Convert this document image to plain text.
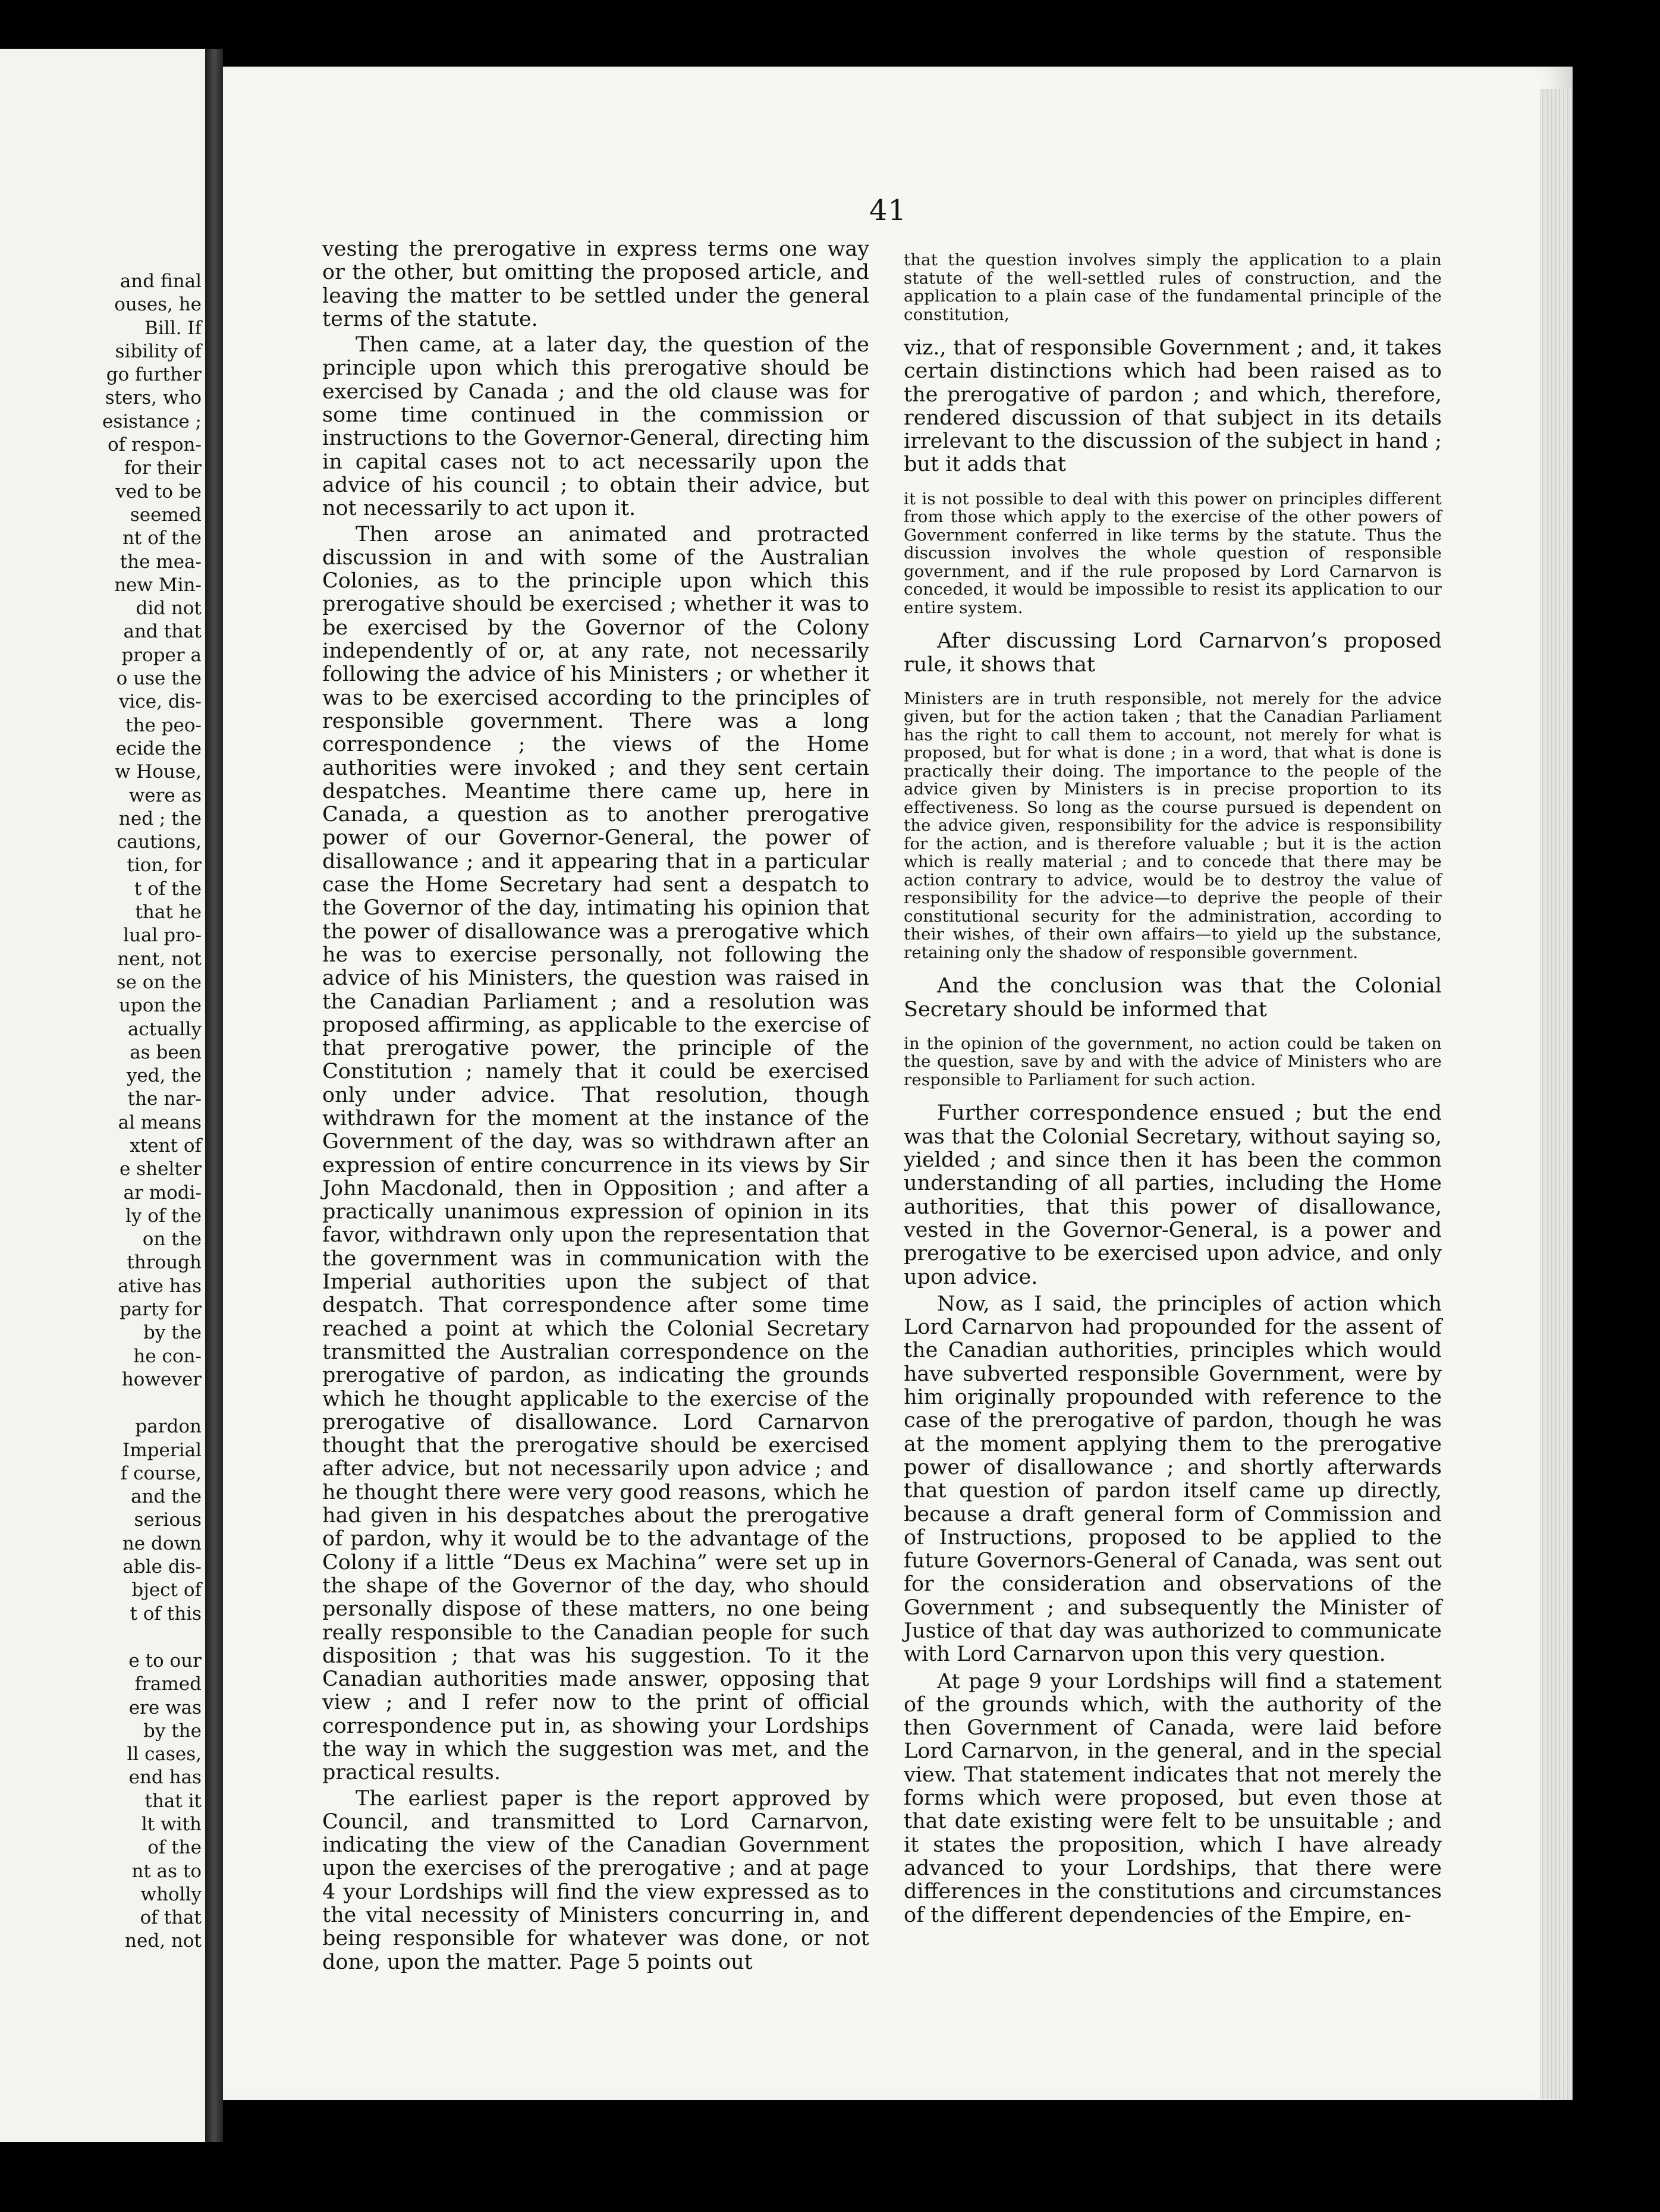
and final
ouses, he
Bill. If
sibility of
go further
sters, who
esistance ;
of respon-
for their
ved to be
seemed
nt of the
the mea-
new Min-
did not
and that
proper a
o use the
vice, dis-
the peo-
ecide the
w House,
were as
ned ; the
cautions,
tion, for
t of the
that he
lual pro-
nent, not
se on the
upon the
actually
as been
yed, the
the nar-
al means
xtent of
e shelter
ar modi-
ly of the
on the
through
ative has
party for
by the
he con-
however
pardon
Imperial
f course,
and the
serious
ne down
able dis-
bject of
t of this
e to our
framed
ere was
by the
ll cases,
end has
that it
lt with
of the
nt as to
wholly
of that
ned, not
41
vesting the prerogative in express terms one way or the other, but omitting the proposed article, and leaving the matter to be settled under the general terms of the statute.
Then came, at a later day, the question of the principle upon which this prerogative should be exercised by Canada ; and the old clause was for some time continued in the commission or instructions to the Governor-General, directing him in capital cases not to act necessarily upon the advice of his council ; to obtain their advice, but not necessarily to act upon it.
Then arose an animated and protracted discussion in and with some of the Australian Colonies, as to the principle upon which this prerogative should be exercised ; whether it was to be exercised by the Governor of the Colony independently of or, at any rate, not necessarily following the advice of his Ministers ; or whether it was to be exercised according to the principles of responsible government. There was a long correspondence ; the views of the Home authorities were invoked ; and they sent certain despatches. Meantime there came up, here in Canada, a question as to another prerogative power of our Governor-General, the power of disallowance ; and it appearing that in a particular case the Home Secretary had sent a despatch to the Governor of the day, intimating his opinion that the power of disallowance was a prerogative which he was to exercise personally, not following the advice of his Ministers, the question was raised in the Canadian Parliament ; and a resolution was proposed affirming, as applicable to the exercise of that prerogative power, the principle of the Constitution ; namely that it could be exercised only under advice. That resolution, though withdrawn for the moment at the instance of the Government of the day, was so withdrawn after an expression of entire concurrence in its views by Sir John Macdonald, then in Opposition ; and after a practically unanimous expression of opinion in its favor, withdrawn only upon the representation that the government was in communication with the Imperial authorities upon the subject of that despatch. That correspondence after some time reached a point at which the Colonial Secretary transmitted the Australian correspondence on the prerogative of pardon, as indicating the grounds which he thought applicable to the exercise of the prerogative of disallowance. Lord Carnarvon thought that the prerogative should be exercised after advice, but not necessarily upon advice ; and he thought there were very good reasons, which he had given in his despatches about the prerogative of pardon, why it would be to the advantage of the Colony if a little “Deus ex Machina” were set up in the shape of the Governor of the day, who should personally dispose of these matters, no one being really responsible to the Canadian people for such disposition ; that was his suggestion. To it the Canadian authorities made answer, opposing that view ; and I refer now to the print of official correspondence put in, as showing your Lordships the way in which the suggestion was met, and the practical results.
The earliest paper is the report approved by Council, and transmitted to Lord Carnarvon, indicating the view of the Canadian Government upon the exercises of the prerogative ; and at page 4 your Lordships will find the view expressed as to the vital necessity of Ministers concurring in, and being responsible for whatever was done, or not done, upon the matter. Page 5 points out
that the question involves simply the application to a plain statute of the well-settled rules of construction, and the application to a plain case of the fundamental principle of the constitution,
viz., that of responsible Government ; and, it takes certain distinctions which had been raised as to the prerogative of pardon ; and which, therefore, rendered discussion of that subject in its details irrelevant to the discussion of the subject in hand ; but it adds that
it is not possible to deal with this power on principles different from those which apply to the exercise of the other powers of Government conferred in like terms by the statute. Thus the discussion involves the whole question of responsible government, and if the rule proposed by Lord Carnarvon is conceded, it would be impossible to resist its application to our entire system.
After discussing Lord Carnarvon’s proposed rule, it shows that
Ministers are in truth responsible, not merely for the advice given, but for the action taken ; that the Canadian Parliament has the right to call them to account, not merely for what is proposed, but for what is done ; in a word, that what is done is practically their doing. The importance to the people of the advice given by Ministers is in precise proportion to its effectiveness. So long as the course pursued is dependent on the advice given, responsibility for the advice is responsibility for the action, and is therefore valuable ; but it is the action which is really material ; and to concede that there may be action contrary to advice, would be to destroy the value of responsibility for the advice—to deprive the people of their constitutional security for the administration, according to their wishes, of their own affairs—to yield up the substance, retaining only the shadow of responsible government.
And the conclusion was that the Colonial Secretary should be informed that
in the opinion of the government, no action could be taken on the question, save by and with the advice of Ministers who are responsible to Parliament for such action.
Further correspondence ensued ; but the end was that the Colonial Secretary, without saying so, yielded ; and since then it has been the common understanding of all parties, including the Home authorities, that this power of disallowance, vested in the Governor-General, is a power and prerogative to be exercised upon advice, and only upon advice.
Now, as I said, the principles of action which Lord Carnarvon had propounded for the assent of the Canadian authorities, principles which would have subverted responsible Government, were by him originally propounded with reference to the case of the prerogative of pardon, though he was at the moment applying them to the prerogative power of disallowance ; and shortly afterwards that question of pardon itself came up directly, because a draft general form of Commission and of Instructions, proposed to be applied to the future Governors-General of Canada, was sent out for the consideration and observations of the Government ; and subsequently the Minister of Justice of that day was authorized to communicate with Lord Carnarvon upon this very question.
At page 9 your Lordships will find a statement of the grounds which, with the authority of the then Government of Canada, were laid before Lord Carnarvon, in the general, and in the special view. That statement indicates that not merely the forms which were proposed, but even those at that date existing were felt to be unsuitable ; and it states the proposition, which I have already advanced to your Lordships, that there were differences in the constitutions and circumstances of the different dependencies of the Empire, en-
